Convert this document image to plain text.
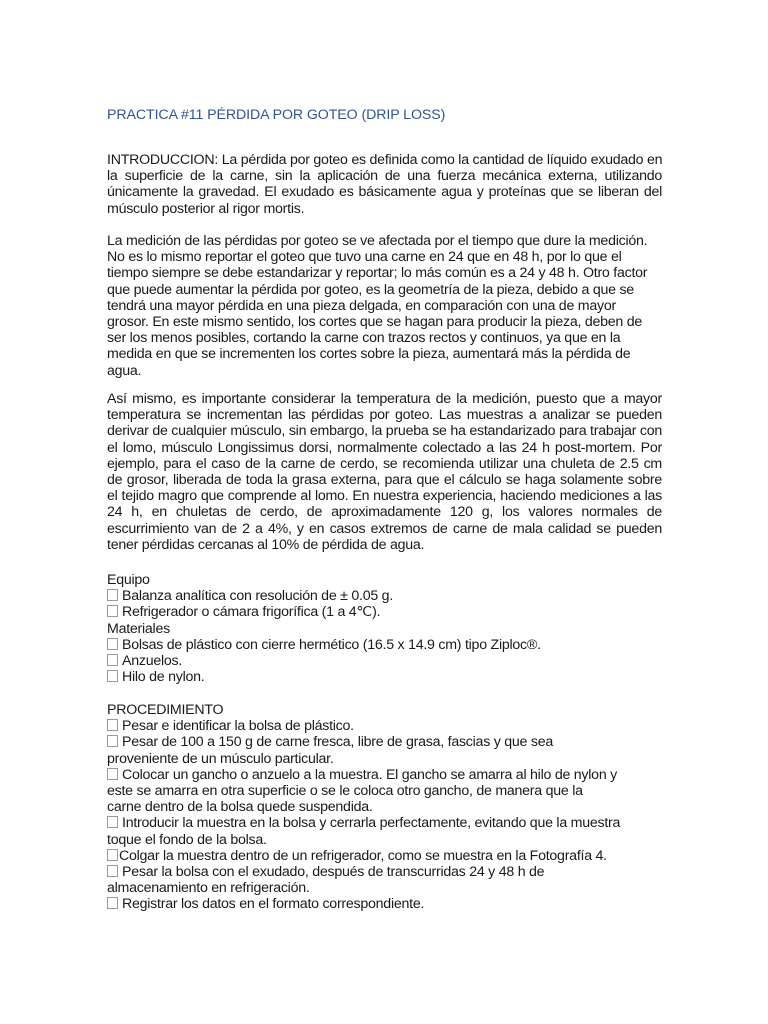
PRACTICA #11 PÉRDIDA POR GOTEO (DRIP LOSS)
INTRODUCCION: La pérdida por goteo es definida como la cantidad de líquido exudado en
la superficie de la carne, sin la aplicación de una fuerza mecánica externa, utilizando
únicamente la gravedad. El exudado es básicamente agua y proteínas que se liberan del
músculo posterior al rigor mortis.
La medición de las pérdidas por goteo se ve afectada por el tiempo que dure la medición.
No es lo mismo reportar el goteo que tuvo una carne en 24 que en 48 h, por lo que el
tiempo siempre se debe estandarizar y reportar; lo más común es a 24 y 48 h. Otro factor
que puede aumentar la pérdida por goteo, es la geometría de la pieza, debido a que se
tendrá una mayor pérdida en una pieza delgada, en comparación con una de mayor
grosor. En este mismo sentido, los cortes que se hagan para producir la pieza, deben de
ser los menos posibles, cortando la carne con trazos rectos y continuos, ya que en la
medida en que se incrementen los cortes sobre la pieza, aumentará más la pérdida de
agua.
Así mismo, es importante considerar la temperatura de la medición, puesto que a mayor
temperatura se incrementan las pérdidas por goteo. Las muestras a analizar se pueden
derivar de cualquier músculo, sin embargo, la prueba se ha estandarizado para trabajar con
el lomo, músculo Longissimus dorsi, normalmente colectado a las 24 h post-mortem. Por
ejemplo, para el caso de la carne de cerdo, se recomienda utilizar una chuleta de 2.5 cm
de grosor, liberada de toda la grasa externa, para que el cálculo se haga solamente sobre
el tejido magro que comprende al lomo. En nuestra experiencia, haciendo mediciones a las
24 h, en chuletas de cerdo, de aproximadamente 120 g, los valores normales de
escurrimiento van de 2 a 4%, y en casos extremos de carne de mala calidad se pueden
tener pérdidas cercanas al 10% de pérdida de agua.
Equipo
Balanza analítica con resolución de ± 0.05 g.
Refrigerador o cámara frigorífica (1 a 4℃).
Materiales
Bolsas de plástico con cierre hermético (16.5 x 14.9 cm) tipo Ziploc®.
Anzuelos.
Hilo de nylon.
PROCEDIMIENTO
Pesar e identificar la bolsa de plástico.
Pesar de 100 a 150 g de carne fresca, libre de grasa, fascias y que sea
proveniente de un músculo particular.
Colocar un gancho o anzuelo a la muestra. El gancho se amarra al hilo de nylon y
este se amarra en otra superficie o se le coloca otro gancho, de manera que la
carne dentro de la bolsa quede suspendida.
Introducir la muestra en la bolsa y cerrarla perfectamente, evitando que la muestra
toque el fondo de la bolsa.
Colgar la muestra dentro de un refrigerador, como se muestra en la Fotografía 4.
Pesar la bolsa con el exudado, después de transcurridas 24 y 48 h de
almacenamiento en refrigeración.
Registrar los datos en el formato correspondiente.
